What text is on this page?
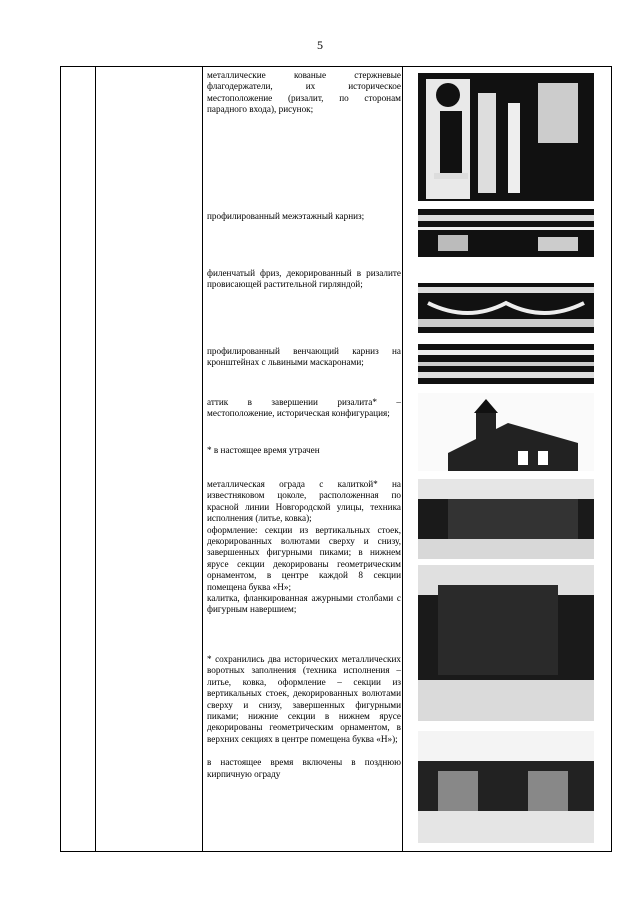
5
металлические кованые стержневые флагодержатели, их историческое местоположение (ризалит, по сторонам парадного входа), рисунок;
профилированный межэтажный карниз;
филенчатый фриз, декорированный в ризалите провисающей растительной гирляндой;
профилированный венчающий карниз на кронштейнах с львиными маскаронами;
аттик в завершении ризалита* – местоположение, историческая конфигурация;
* в настоящее время утрачен

металлическая ограда с калиткой* на известняковом цоколе, расположенная по красной линии Новгородской улицы, техника исполнения (литье, ковка);

оформление: секции из вертикальных стоек, декорированных волютами сверху и снизу, завершенных фигурными пиками; в нижнем ярусе секции декорированы геометрическим орнаментом, в центре каждой 8 секции помещена буква «Н»;

калитка, фланкированная ажурными столбами с фигурным навершием;

* сохранились два исторических металлических воротных заполнения (техника исполнения – литье, ковка, оформление – секции из вертикальных стоек, декорированных волютами сверху и снизу, завершенных фигурными пиками; нижние секции в нижнем ярусе декорированы геометрическим орнаментом, в верхних секциях в центре помещена буква «Н»);

в настоящее время включены в позднюю кирпичную ограду
